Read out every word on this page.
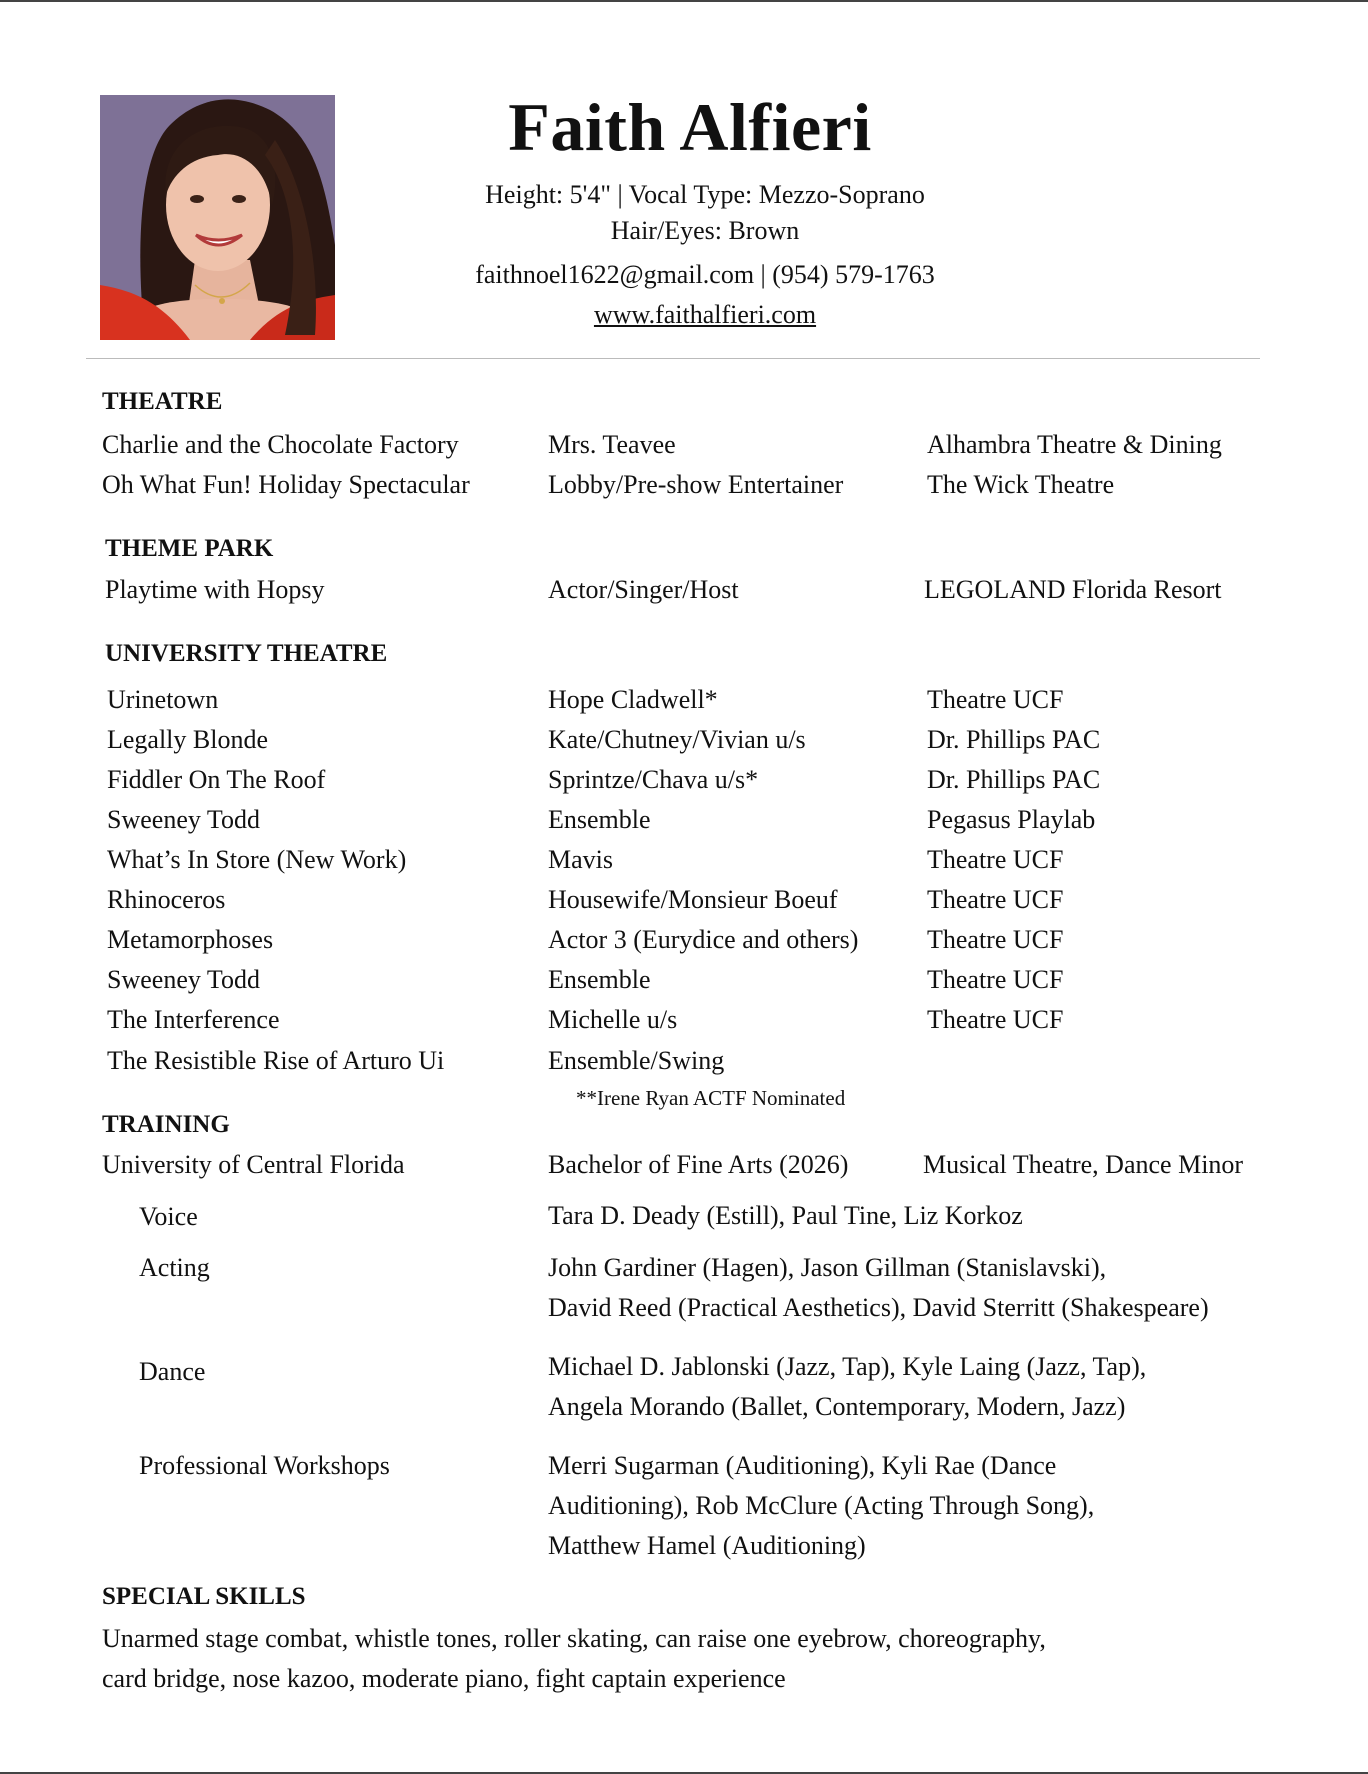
Faith Alfieri
Height: 5'4" | Vocal Type: Mezzo-Soprano
Hair/Eyes: Brown
faithnoel1622@gmail.com | (954) 579-1763
www.faithalfieri.com
THEATRE
Charlie and the Chocolate Factory	Mrs. Teavee	Alhambra Theatre & Dining
Oh What Fun! Holiday Spectacular	Lobby/Pre-show Entertainer	The Wick Theatre
THEME PARK
Playtime with Hopsy	Actor/Singer/Host	LEGOLAND Florida Resort
UNIVERSITY THEATRE
Urinetown	Hope Cladwell*	Theatre UCF
Legally Blonde	Kate/Chutney/Vivian u/s	Dr. Phillips PAC
Fiddler On The Roof	Sprintze/Chava u/s*	Dr. Phillips PAC
Sweeney Todd	Ensemble	Pegasus Playlab
What’s In Store (New Work)	Mavis	Theatre UCF
Rhinoceros	Housewife/Monsieur Boeuf	Theatre UCF
Metamorphoses	Actor 3 (Eurydice and others)	Theatre UCF
Sweeney Todd	Ensemble	Theatre UCF
The Interference	Michelle u/s	Theatre UCF
The Resistible Rise of Arturo Ui	Ensemble/Swing
**Irene Ryan ACTF Nominated
TRAINING
University of Central Florida	Bachelor of Fine Arts (2026)	Musical Theatre, Dance Minor
Voice	Tara D. Deady (Estill), Paul Tine, Liz Korkoz
Acting	John Gardiner (Hagen), Jason Gillman (Stanislavski),
David Reed (Practical Aesthetics), David Sterritt (Shakespeare)
Dance	Michael D. Jablonski (Jazz, Tap), Kyle Laing (Jazz, Tap),
Angela Morando (Ballet, Contemporary, Modern, Jazz)
Professional Workshops	Merri Sugarman (Auditioning), Kyli Rae (Dance
Auditioning), Rob McClure (Acting Through Song),
Matthew Hamel (Auditioning)
SPECIAL SKILLS
Unarmed stage combat, whistle tones, roller skating, can raise one eyebrow, choreography,
card bridge, nose kazoo, moderate piano, fight captain experience
